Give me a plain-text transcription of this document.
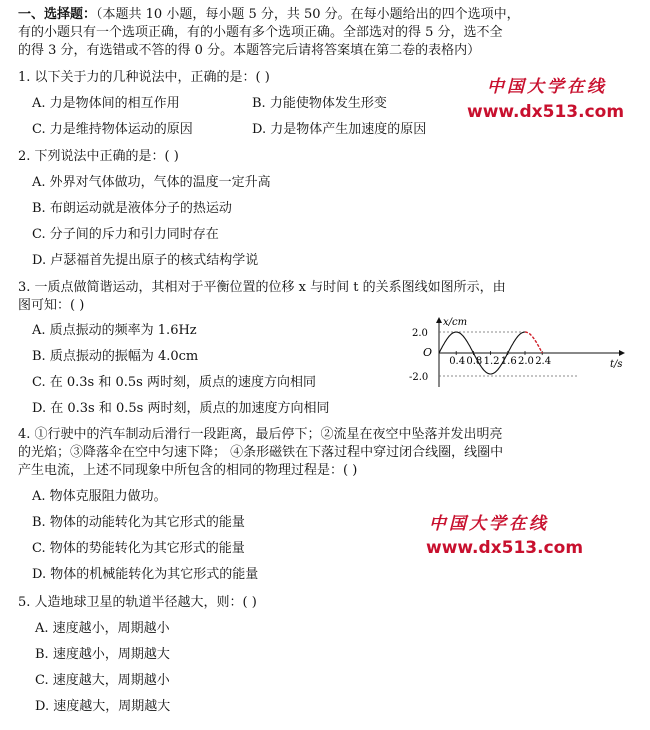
一、选择题：（本题共 10 小题，每小题 5 分，共 50 分。在每小题给出的四个选项中，
有的小题只有一个选项正确，有的小题有多个选项正确。全部选对的得 5 分，选不全
的得 3 分，有选错或不答的得 0 分。本题答完后请将答案填在第二卷的表格内）
中国大学在线
www.dx513.com
中国大学在线
www.dx513.com
1. 以下关于力的几种说法中，正确的是：( )
A. 力是物体间的相互作用	B. 力能使物体发生形变
C. 力是维持物体运动的原因	D. 力是物体产生加速度的原因
2. 下列说法中正确的是：( )
A. 外界对气体做功，气体的温度一定升高
B. 布朗运动就是液体分子的热运动
C. 分子间的斥力和引力同时存在
D. 卢瑟福首先提出原子的核式结构学说
3. 一质点做简谐运动，其相对于平衡位置的位移 x 与时间 t 的关系图线如图所示，由
图可知：( )
A. 质点振动的频率为 1.6Hz
B. 质点振动的振幅为 4.0cm
C. 在 0.3s 和 0.5s 两时刻，质点的速度方向相同
D. 在 0.3s 和 0.5s 两时刻，质点的加速度方向相同
x/cm
2.0
O
-2.0
t/s
0.4 0.8 1.2 1.6 2.0 2.4
4. ①行驶中的汽车制动后滑行一段距离，最后停下；②流星在夜空中坠落并发出明亮
的光焰；③降落伞在空中匀速下降； ④条形磁铁在下落过程中穿过闭合线圈，线圈中
产生电流，上述不同现象中所包含的相同的物理过程是：( )
A. 物体克服阻力做功。
B. 物体的动能转化为其它形式的能量
C. 物体的势能转化为其它形式的能量
D. 物体的机械能转化为其它形式的能量
5. 人造地球卫星的轨道半径越大，则：( )
A. 速度越小，周期越小
B. 速度越小，周期越大
C. 速度越大，周期越小
D. 速度越大，周期越大
